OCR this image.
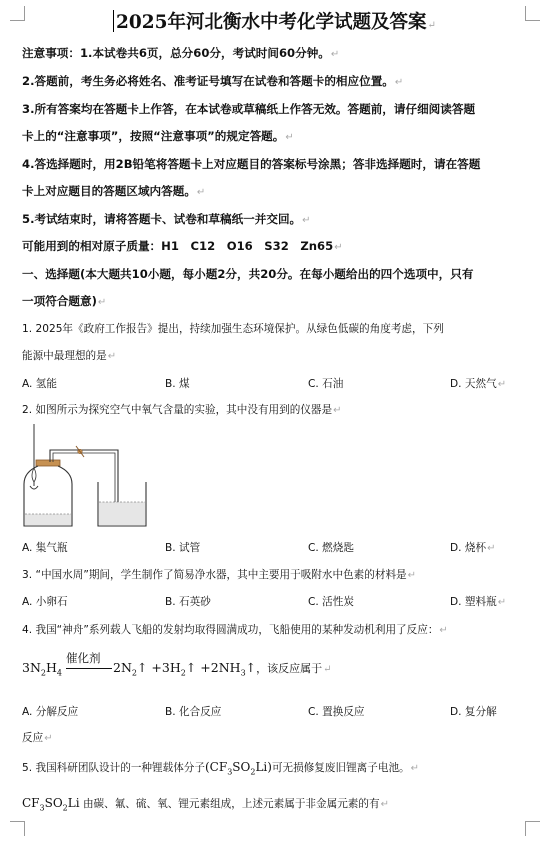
2025年河北衡水中考化学试题及答案↵
注意事项：1.本试卷共6页，总分60分，考试时间60分钟。↵
2.答题前，考生务必将姓名、准考证号填写在试卷和答题卡的相应位置。↵
3.所有答案均在答题卡上作答，在本试卷或草稿纸上作答无效。答题前，请仔细阅读答题
卡上的“注意事项”，按照“注意事项”的规定答题。↵
4.答选择题时，用2B铅笔将答题卡上对应题目的答案标号涂黑；答非选择题时，请在答题
卡上对应题目的答题区域内答题。↵
5.考试结束时，请将答题卡、试卷和草稿纸一并交回。↵
可能用到的相对原子质量：H1　C12　O16　S32　Zn65↵
一、选择题(本大题共10小题，每小题2分，共20分。在每小题给出的四个选项中，只有
一项符合题意)↵
1. 2025年《政府工作报告》提出，持续加强生态环境保护。从绿色低碳的角度考虑，下列
能源中最理想的是↵
A. 氢能	B. 煤	C. 石油	D. 天然气↵
2. 如图所示为探究空气中氧气含量的实验，其中没有用到的仪器是↵
A. 集气瓶	B. 试管	C. 燃烧匙	D. 烧杯↵
3. “中国水周”期间，学生制作了简易净水器，其中主要用于吸附水中色素的材料是↵
A. 小卵石	B. 石英砂	C. 活性炭	D. 塑料瓶↵
4. 我国“神舟”系列载人飞船的发射均取得圆满成功，飞船使用的某种发动机利用了反应：↵
$3N_2H_4$
催化剂
$2N_2↑$ $+3H_2↑$ $+2NH_3↑$，该反应属于↵
A. 分解反应	B. 化合反应	C. 置换反应	D. 复分解
反应↵
5. 我国科研团队设计的一种锂载体分子$(CF_3SO_2Li)$可无损修复废旧锂离子电池。↵
$CF_3SO_2Li$ 由碳、氟、硫、氧、锂元素组成，上述元素属于非金属元素的有↵
